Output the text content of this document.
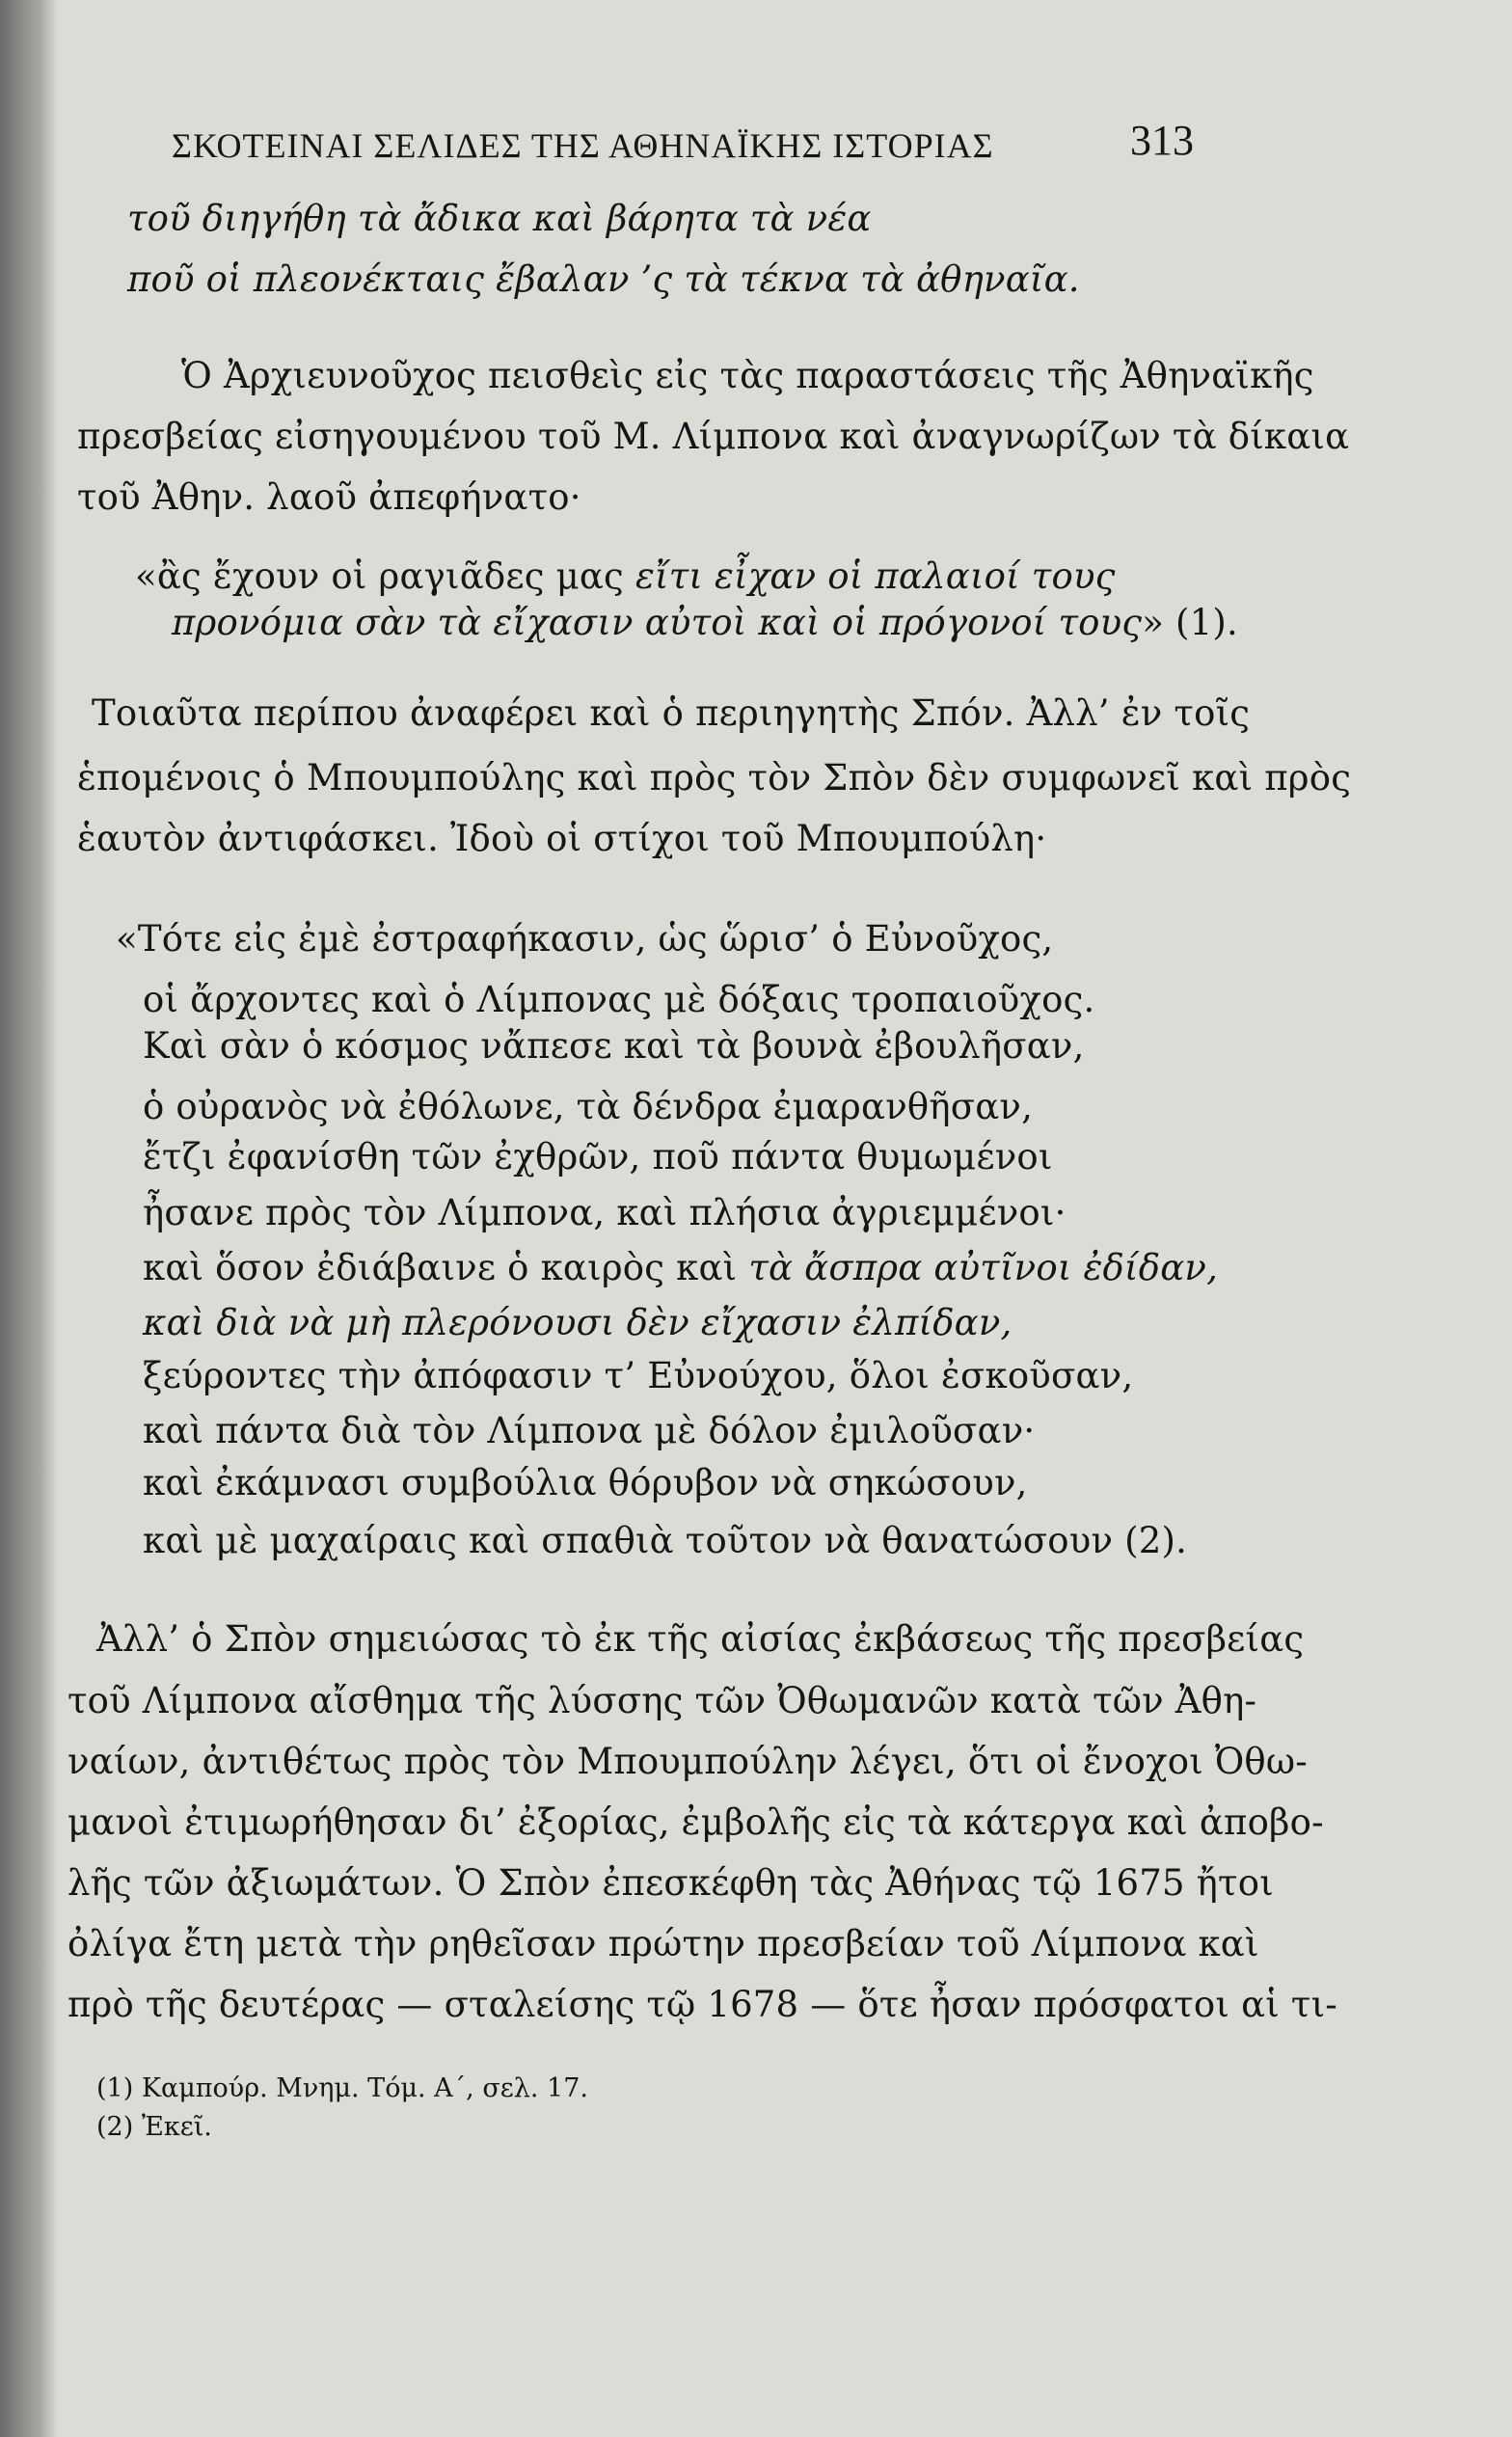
ΣΚΟΤΕΙΝΑΙ ΣΕΛΙΔΕΣ ΤΗΣ ΑΘΗΝΑΪΚΗΣ ΙΣΤΟΡΙΑΣ	313
τοῦ διηγήθη τὰ ἄδικα καὶ βάρητα τὰ νέα
ποῦ οἱ πλεονέκταις ἔβαλαν ’ς τὰ τέκνα τὰ ἀθηναῖα.
Ὁ Ἀρχιευνοῦχος πεισθεὶς εἰς τὰς παραστάσεις τῆς Ἀθηναϊκῆς
πρεσβείας εἰσηγουμένου τοῦ Μ. Λίμπονα καὶ ἀναγνωρίζων τὰ δίκαια
τοῦ Ἀθην. λαοῦ ἀπεφήνατο·
«ἂς ἔχουν οἱ ραγιᾶδες μας εἴτι εἶχαν οἱ παλαιοί τους
προνόμια σὰν τὰ εἴχασιν αὐτοὶ καὶ οἱ πρόγονοί τους» (1).
Τοιαῦτα περίπου ἀναφέρει καὶ ὁ περιηγητὴς Σπόν. Ἀλλ’ ἐν τοῖς
ἑπομένοις ὁ Μπουμπούλης καὶ πρὸς τὸν Σπὸν δὲν συμφωνεῖ καὶ πρὸς
ἑαυτὸν ἀντιφάσκει. Ἰδοὺ οἱ στίχοι τοῦ Μπουμπούλη·
«Τότε εἰς ἐμὲ ἐστραφήκασιν, ὡς ὥρισ’ ὁ Εὐνοῦχος,
οἱ ἄρχοντες καὶ ὁ Λίμπονας μὲ δόξαις τροπαιοῦχος.
Καὶ σὰν ὁ κόσμος νἄπεσε καὶ τὰ βουνὰ ἐβουλῆσαν,
ὁ οὐρανὸς νὰ ἐθόλωνε, τὰ δένδρα ἐμαρανθῆσαν,
ἔτζι ἐφανίσθη τῶν ἐχθρῶν, ποῦ πάντα θυμωμένοι
ἦσανε πρὸς τὸν Λίμπονα, καὶ πλήσια ἀγριεμμένοι·
καὶ ὅσον ἐδιάβαινε ὁ καιρὸς καὶ τὰ ἄσπρα αὐτῖνοι ἐδίδαν,
καὶ διὰ νὰ μὴ πλερόνουσι δὲν εἴχασιν ἐλπίδαν,
ξεύροντες τὴν ἀπόφασιν τ’ Εὐνούχου, ὅλοι ἐσκοῦσαν,
καὶ πάντα διὰ τὸν Λίμπονα μὲ δόλον ἐμιλοῦσαν·
καὶ ἐκάμνασι συμβούλια θόρυβον νὰ σηκώσουν,
καὶ μὲ μαχαίραις καὶ σπαθιὰ τοῦτον νὰ θανατώσουν (2).
Ἀλλ’ ὁ Σπὸν σημειώσας τὸ ἐκ τῆς αἰσίας ἐκβάσεως τῆς πρεσβείας
τοῦ Λίμπονα αἴσθημα τῆς λύσσης τῶν Ὀθωμανῶν κατὰ τῶν Ἀθη-
ναίων, ἀντιθέτως πρὸς τὸν Μπουμπούλην λέγει, ὅτι οἱ ἔνοχοι Ὀθω-
μανοὶ ἐτιμωρήθησαν δι’ ἐξορίας, ἐμβολῆς εἰς τὰ κάτεργα καὶ ἀποβο-
λῆς τῶν ἀξιωμάτων. Ὁ Σπὸν ἐπεσκέφθη τὰς Ἀθήνας τῷ 1675 ἤτοι
ὀλίγα ἔτη μετὰ τὴν ρηθεῖσαν πρώτην πρεσβείαν τοῦ Λίμπονα καὶ
πρὸ τῆς δευτέρας — σταλείσης τῷ 1678 — ὅτε ἦσαν πρόσφατοι αἱ τι-
(1) Καμπούρ. Μνημ. Τόμ. Α΄, σελ. 17.
(2) Ἐκεῖ.
